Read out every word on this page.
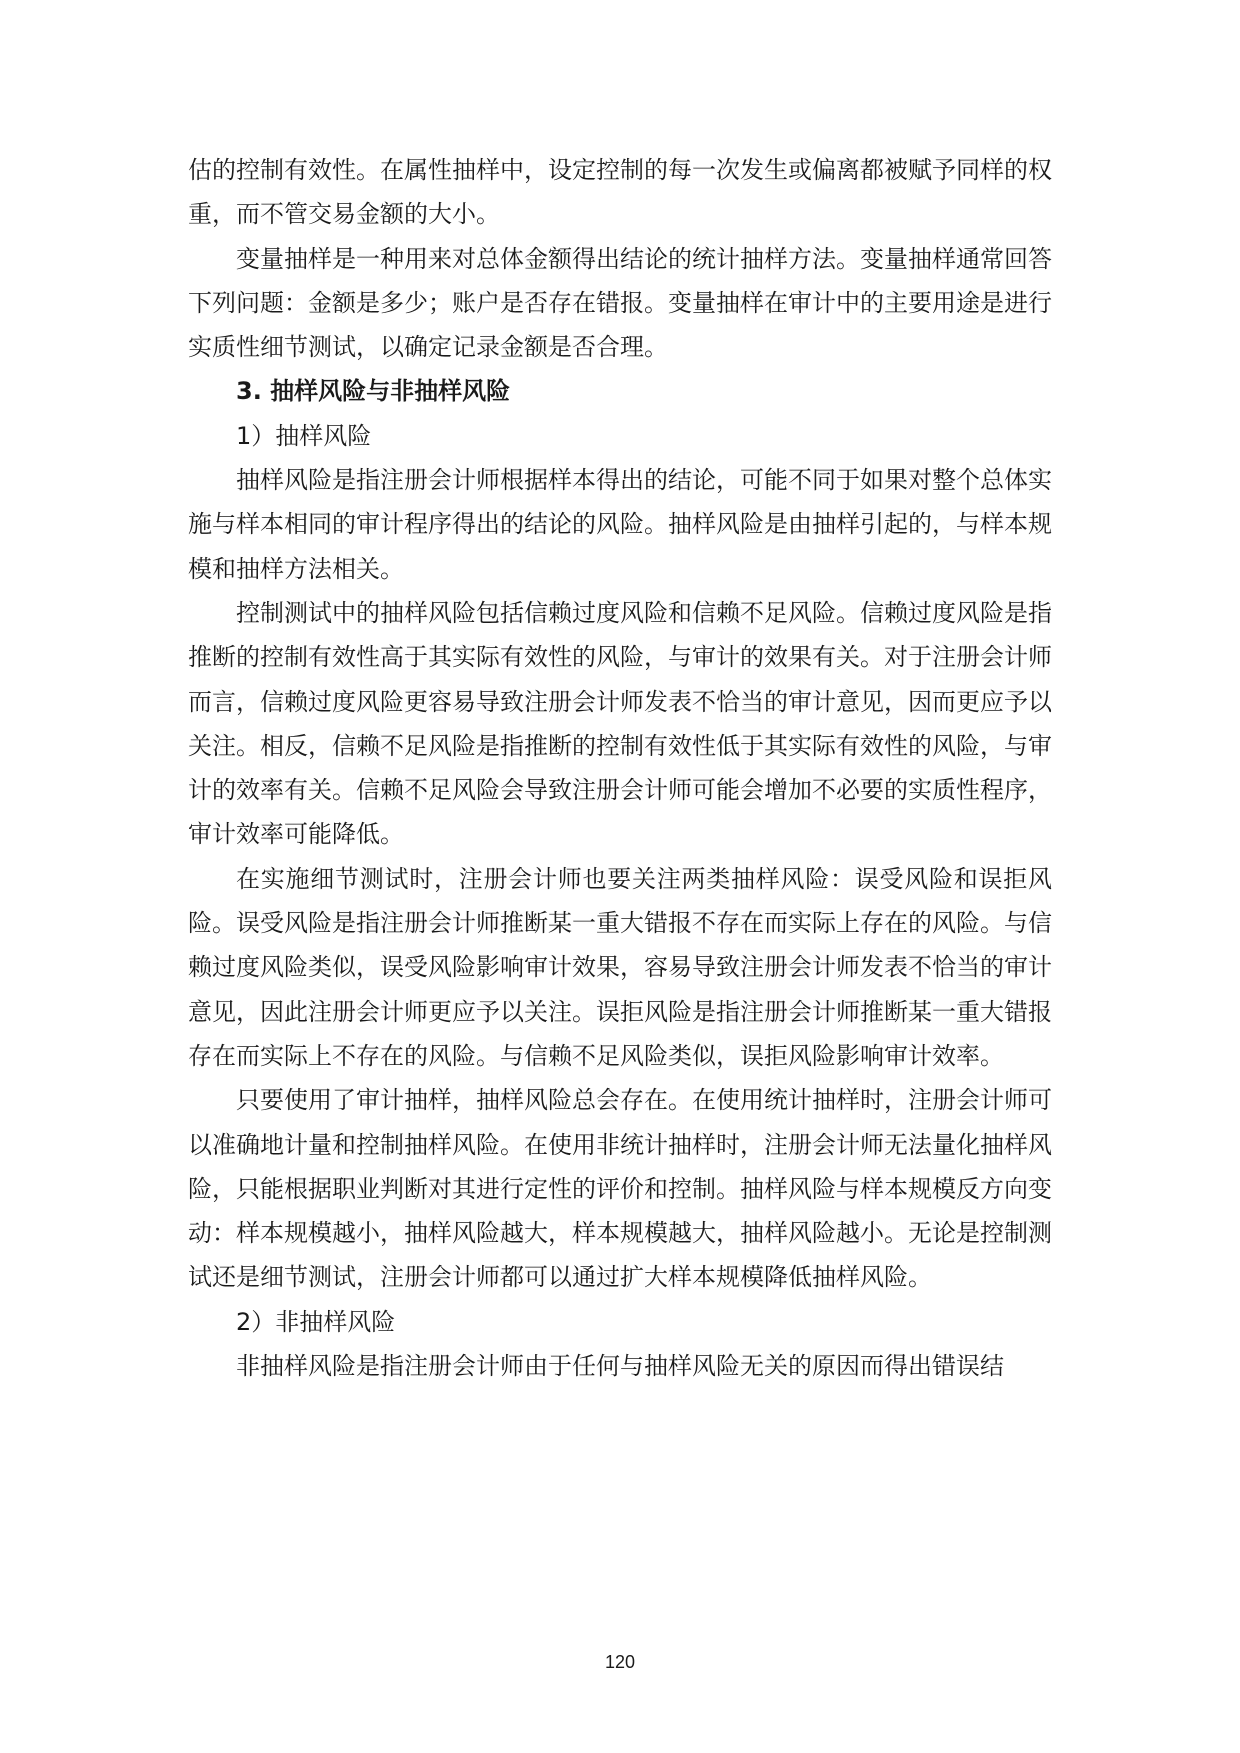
估的控制有效性。在属性抽样中，设定控制的每一次发生或偏离都被赋予同样的权重，而不管交易金额的大小。

变量抽样是一种用来对总体金额得出结论的统计抽样方法。变量抽样通常回答下列问题：金额是多少；账户是否存在错报。变量抽样在审计中的主要用途是进行实质性细节测试，以确定记录金额是否合理。

3. 抽样风险与非抽样风险

1）抽样风险

抽样风险是指注册会计师根据样本得出的结论，可能不同于如果对整个总体实施与样本相同的审计程序得出的结论的风险。抽样风险是由抽样引起的，与样本规模和抽样方法相关。

控制测试中的抽样风险包括信赖过度风险和信赖不足风险。信赖过度风险是指推断的控制有效性高于其实际有效性的风险，与审计的效果有关。对于注册会计师而言，信赖过度风险更容易导致注册会计师发表不恰当的审计意见，因而更应予以关注。相反，信赖不足风险是指推断的控制有效性低于其实际有效性的风险，与审计的效率有关。信赖不足风险会导致注册会计师可能会增加不必要的实质性程序，审计效率可能降低。

在实施细节测试时，注册会计师也要关注两类抽样风险：误受风险和误拒风险。误受风险是指注册会计师推断某一重大错报不存在而实际上存在的风险。与信赖过度风险类似，误受风险影响审计效果，容易导致注册会计师发表不恰当的审计意见，因此注册会计师更应予以关注。误拒风险是指注册会计师推断某一重大错报存在而实际上不存在的风险。与信赖不足风险类似，误拒风险影响审计效率。

只要使用了审计抽样，抽样风险总会存在。在使用统计抽样时，注册会计师可以准确地计量和控制抽样风险。在使用非统计抽样时，注册会计师无法量化抽样风险，只能根据职业判断对其进行定性的评价和控制。抽样风险与样本规模反方向变动：样本规模越小，抽样风险越大，样本规模越大，抽样风险越小。无论是控制测试还是细节测试，注册会计师都可以通过扩大样本规模降低抽样风险。

2）非抽样风险

非抽样风险是指注册会计师由于任何与抽样风险无关的原因而得出错误结

120
